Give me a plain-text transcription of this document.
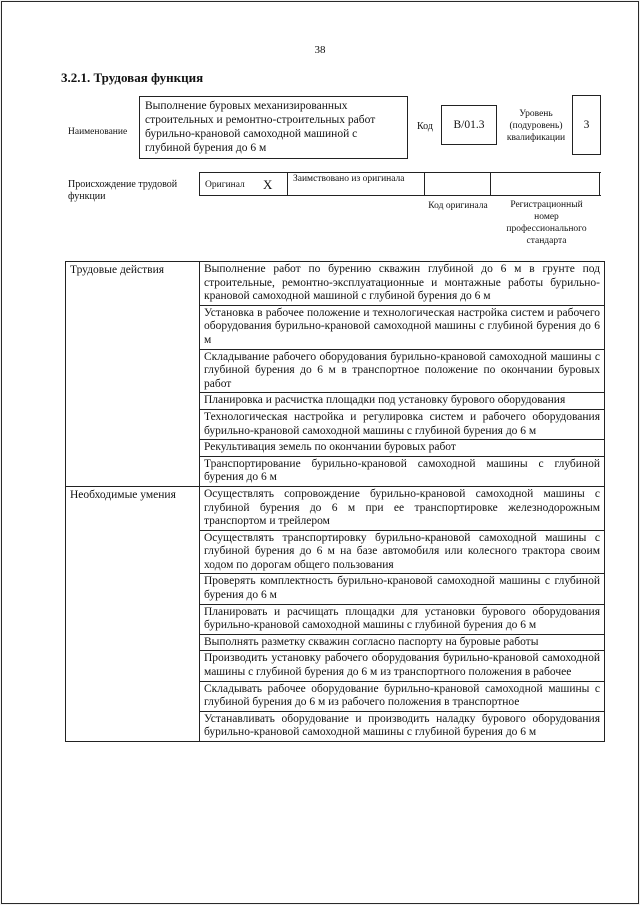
38
3.2.1. Трудовая функция
Наименование
Выполнение буровых механизированных строительных и ремонтно-строительных работ бурильно-крановой самоходной машиной с глубиной бурения до 6 м
Код	B/01.3
Уровень (подуровень) квалификации
3
Происхождение трудовой функции
Оригинал X Заимствовано из оригинала
Код оригинала	Регистрационный номер профессионального стандарта
Трудовые действия	Выполнение работ по бурению скважин глубиной до 6 м в грунте под строительные, ремонтно-эксплуатационные и монтажные работы бурильно-крановой самоходной машиной с глубиной бурения до 6 м
	Установка в рабочее положение и технологическая настройка систем и рабочего оборудования бурильно-крановой самоходной машины с глубиной бурения до 6 м
	Складывание рабочего оборудования бурильно-крановой самоходной машины с глубиной бурения до 6 м в транспортное положение по окончании буровых работ
	Планировка и расчистка площадки под установку бурового оборудования
	Технологическая настройка и регулировка систем и рабочего оборудования бурильно-крановой самоходной машины с глубиной бурения до 6 м
	Рекультивация земель по окончании буровых работ
	Транспортирование бурильно-крановой самоходной машины с глубиной бурения до 6 м
Необходимые умения	Осуществлять сопровождение бурильно-крановой самоходной машины с глубиной бурения до 6 м при ее транспортировке железнодорожным транспортом и трейлером
	Осуществлять транспортировку бурильно-крановой самоходной машины с глубиной бурения до 6 м на базе автомобиля или колесного трактора своим ходом по дорогам общего пользования
	Проверять комплектность бурильно-крановой самоходной машины с глубиной бурения до 6 м
	Планировать и расчищать площадки для установки бурового оборудования бурильно-крановой самоходной машины с глубиной бурения до 6 м
	Выполнять разметку скважин согласно паспорту на буровые работы
	Производить установку рабочего оборудования бурильно-крановой самоходной машины с глубиной бурения до 6 м из транспортного положения в рабочее
	Складывать рабочее оборудование бурильно-крановой самоходной машины с глубиной бурения до 6 м из рабочего положения в транспортное
	Устанавливать оборудование и производить наладку бурового оборудования бурильно-крановой самоходной машины с глубиной бурения до 6 м
